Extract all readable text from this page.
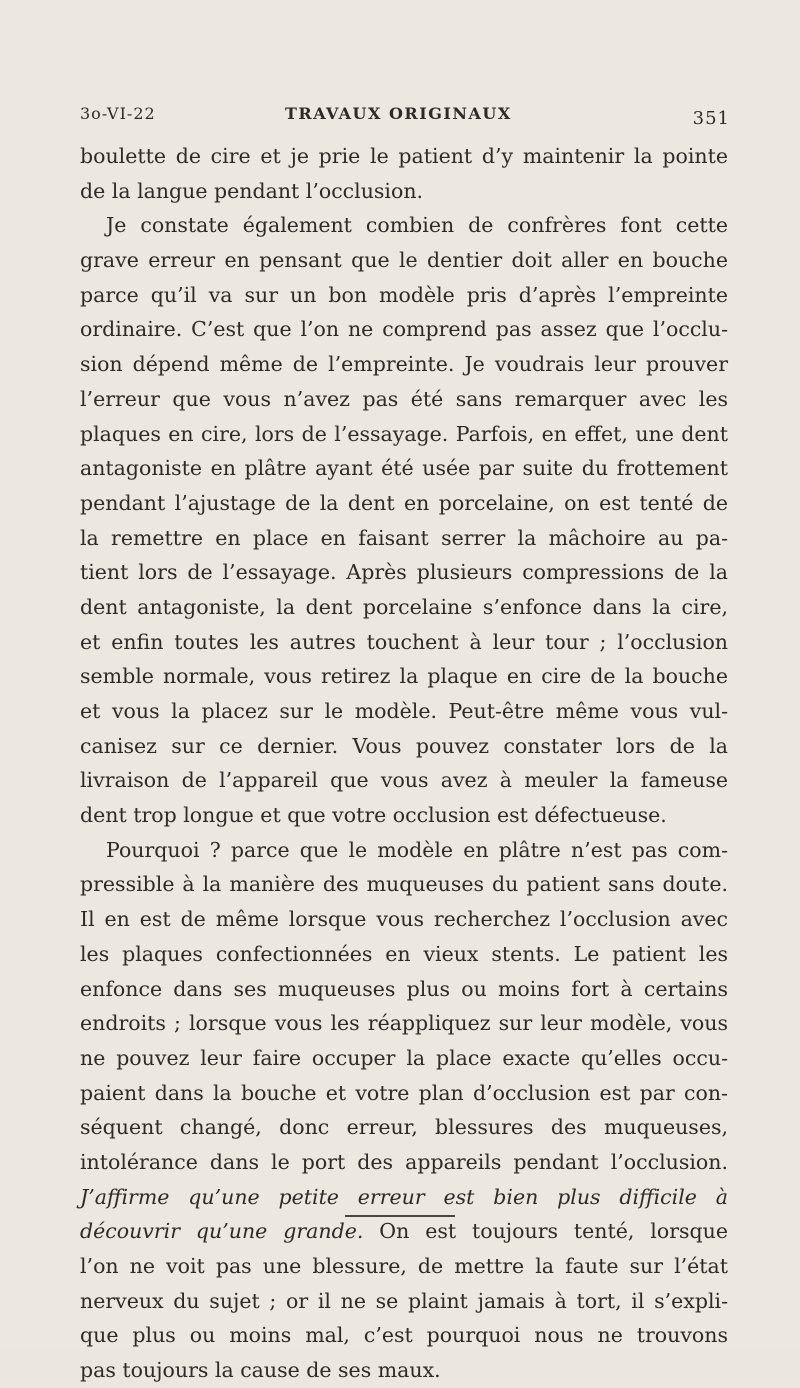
3o-VI-22	TRAVAUX ORIGINAUX	351
boulette de cire et je prie le patient d’y maintenir la pointe
de la langue pendant l’occlusion.
Je constate également combien de confrères font cette
grave erreur en pensant que le dentier doit aller en bouche
parce qu’il va sur un bon modèle pris d’après l’empreinte
ordinaire. C’est que l’on ne comprend pas assez que l’occlu-
sion dépend même de l’empreinte. Je voudrais leur prouver
l’erreur que vous n’avez pas été sans remarquer avec les
plaques en cire, lors de l’essayage. Parfois, en effet, une dent
antagoniste en plâtre ayant été usée par suite du frottement
pendant l’ajustage de la dent en porcelaine, on est tenté de
la remettre en place en faisant serrer la mâchoire au pa-
tient lors de l’essayage. Après plusieurs compressions de la
dent antagoniste, la dent porcelaine s’enfonce dans la cire,
et enfin toutes les autres touchent à leur tour ; l’occlusion
semble normale, vous retirez la plaque en cire de la bouche
et vous la placez sur le modèle. Peut-être même vous vul-
canisez sur ce dernier. Vous pouvez constater lors de la
livraison de l’appareil que vous avez à meuler la fameuse
dent trop longue et que votre occlusion est défectueuse.
Pourquoi ? parce que le modèle en plâtre n’est pas com-
pressible à la manière des muqueuses du patient sans doute.
Il en est de même lorsque vous recherchez l’occlusion avec
les plaques confectionnées en vieux stents. Le patient les
enfonce dans ses muqueuses plus ou moins fort à certains
endroits ; lorsque vous les réappliquez sur leur modèle, vous
ne pouvez leur faire occuper la place exacte qu’elles occu-
paient dans la bouche et votre plan d’occlusion est par con-
séquent changé, donc erreur, blessures des muqueuses,
intolérance dans le port des appareils pendant l’occlusion.
J’affirme qu’une petite erreur est bien plus difficile à
découvrir qu’une grande. On est toujours tenté, lorsque
l’on ne voit pas une blessure, de mettre la faute sur l’état
nerveux du sujet ; or il ne se plaint jamais à tort, il s’expli-
que plus ou moins mal, c’est pourquoi nous ne trouvons
pas toujours la cause de ses maux.
